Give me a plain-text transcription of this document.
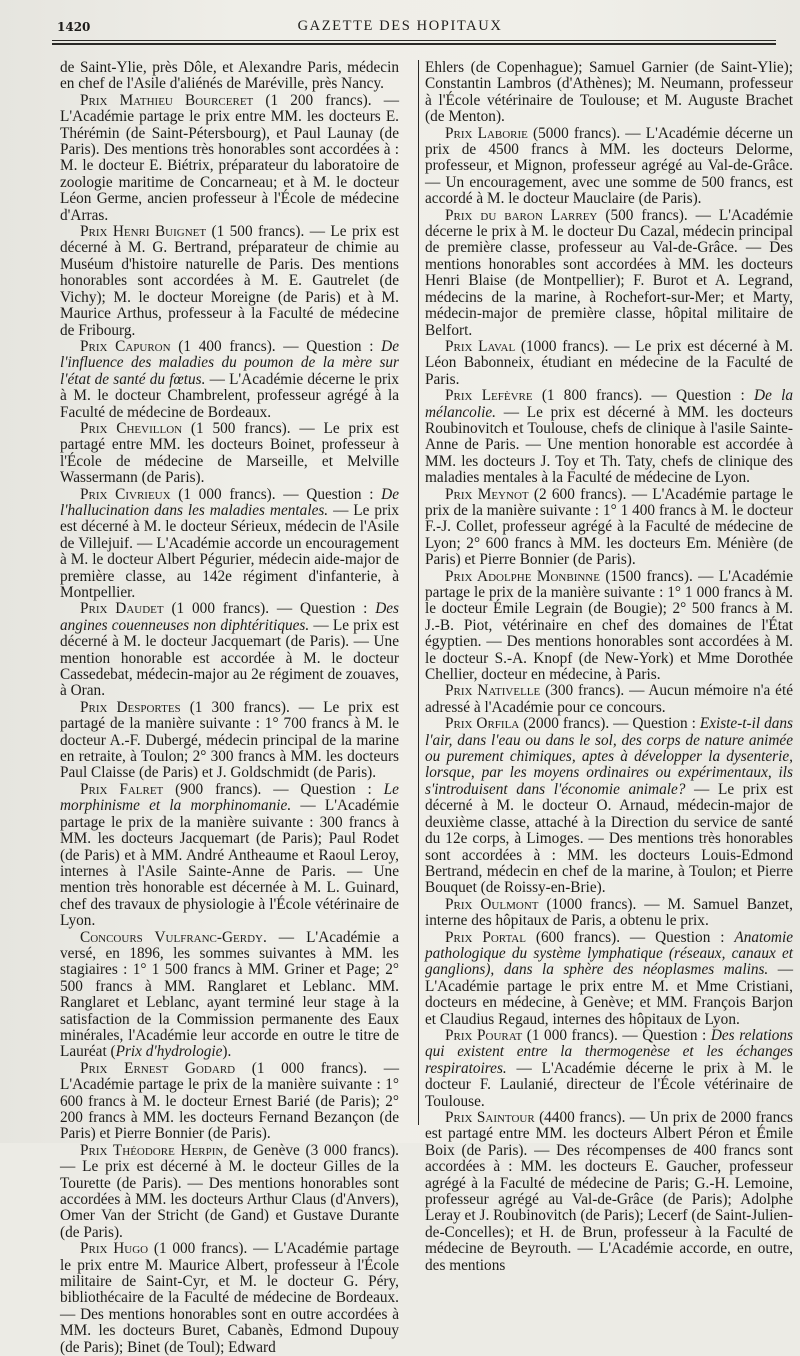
1420	GAZETTE DES HOPITAUX

de Saint-Ylie, près Dôle, et Alexandre Paris, médecin en chef de l'Asile d'aliénés de Maréville, près Nancy.

Prix Mathieu Bourceret (1 200 francs). — L'Académie partage le prix entre MM. les docteurs E. Thérémin (de Saint-Pétersbourg), et Paul Launay (de Paris). Des mentions très honorables sont accordées à : M. le docteur E. Biétrix, préparateur du laboratoire de zoologie maritime de Concarneau; et à M. le docteur Léon Germe, ancien professeur à l'École de médecine d'Arras.

Prix Henri Buignet (1 500 francs). — Le prix est décerné à M. G. Bertrand, préparateur de chimie au Muséum d'histoire naturelle de Paris. Des mentions honorables sont accordées à M. E. Gautrelet (de Vichy); M. le docteur Moreigne (de Paris) et à M. Maurice Arthus, professeur à la Faculté de médecine de Fribourg.

Prix Capuron (1 400 francs). — Question : De l'influence des maladies du poumon de la mère sur l'état de santé du fœtus. — L'Académie décerne le prix à M. le docteur Chambrelent, professeur agrégé à la Faculté de médecine de Bordeaux.

Prix Chevillon (1 500 francs). — Le prix est partagé entre MM. les docteurs Boinet, professeur à l'École de médecine de Marseille, et Melville Wassermann (de Paris).

Prix Civrieux (1 000 francs). — Question : De l'hallucination dans les maladies mentales. — Le prix est décerné à M. le docteur Sérieux, médecin de l'Asile de Villejuif. — L'Académie accorde un encouragement à M. le docteur Albert Pégurier, médecin aide-major de première classe, au 142e régiment d'infanterie, à Montpellier.

Prix Daudet (1 000 francs). — Question : Des angines couenneuses non diphtéritiques. — Le prix est décerné à M. le docteur Jacquemart (de Paris). — Une mention honorable est accordée à M. le docteur Cassedebat, médecin-major au 2e régiment de zouaves, à Oran.

Prix Desportes (1 300 francs). — Le prix est partagé de la manière suivante : 1° 700 francs à M. le docteur A.-F. Dubergé, médecin principal de la marine en retraite, à Toulon; 2° 300 francs à MM. les docteurs Paul Claisse (de Paris) et J. Goldschmidt (de Paris).

Prix Falret (900 francs). — Question : Le morphinisme et la morphinomanie. — L'Académie partage le prix de la manière suivante : 300 francs à MM. les docteurs Jacquemart (de Paris); Paul Rodet (de Paris) et à MM. André Antheaume et Raoul Leroy, internes à l'Asile Sainte-Anne de Paris. — Une mention très honorable est décernée à M. L. Guinard, chef des travaux de physiologie à l'École vétérinaire de Lyon.

Concours Vulfranc-Gerdy. — L'Académie a versé, en 1896, les sommes suivantes à MM. les stagiaires : 1° 1 500 francs à MM. Griner et Page; 2° 500 francs à MM. Ranglaret et Leblanc. MM. Ranglaret et Leblanc, ayant terminé leur stage à la satisfaction de la Commission permanente des Eaux minérales, l'Académie leur accorde en outre le titre de Lauréat (Prix d'hydrologie).

Prix Ernest Godard (1 000 francs). — L'Académie partage le prix de la manière suivante : 1° 600 francs à M. le docteur Ernest Barié (de Paris); 2° 200 francs à MM. les docteurs Fernand Bezançon (de Paris) et Pierre Bonnier (de Paris).

Prix Théodore Herpin, de Genève (3 000 francs). — Le prix est décerné à M. le docteur Gilles de la Tourette (de Paris). — Des mentions honorables sont accordées à MM. les docteurs Arthur Claus (d'Anvers), Omer Van der Stricht (de Gand) et Gustave Durante (de Paris).

Prix Hugo (1 000 francs). — L'Académie partage le prix entre M. Maurice Albert, professeur à l'École militaire de Saint-Cyr, et M. le docteur G. Péry, bibliothécaire de la Faculté de médecine de Bordeaux. — Des mentions honorables sont en outre accordées à MM. les docteurs Buret, Cabanès, Edmond Dupouy (de Paris); Binet (de Toul); Edward

Ehlers (de Copenhague); Samuel Garnier (de Saint-Ylie); Constantin Lambros (d'Athènes); M. Neumann, professeur à l'École vétérinaire de Toulouse; et M. Auguste Brachet (de Menton).

Prix Laborie (5000 francs). — L'Académie décerne un prix de 4500 francs à MM. les docteurs Delorme, professeur, et Mignon, professeur agrégé au Val-de-Grâce. — Un encouragement, avec une somme de 500 francs, est accordé à M. le docteur Mauclaire (de Paris).

Prix du baron Larrey (500 francs). — L'Académie décerne le prix à M. le docteur Du Cazal, médecin principal de première classe, professeur au Val-de-Grâce. — Des mentions honorables sont accordées à MM. les docteurs Henri Blaise (de Montpellier); F. Burot et A. Legrand, médecins de la marine, à Rochefort-sur-Mer; et Marty, médecin-major de première classe, hôpital militaire de Belfort.

Prix Laval (1000 francs). — Le prix est décerné à M. Léon Babonneix, étudiant en médecine de la Faculté de Paris.

Prix Lefèvre (1 800 francs). — Question : De la mélancolie. — Le prix est décerné à MM. les docteurs Roubinovitch et Toulouse, chefs de clinique à l'asile Sainte-Anne de Paris. — Une mention honorable est accordée à MM. les docteurs J. Toy et Th. Taty, chefs de clinique des maladies mentales à la Faculté de médecine de Lyon.

Prix Meynot (2 600 francs). — L'Académie partage le prix de la manière suivante : 1° 1 400 francs à M. le docteur F.-J. Collet, professeur agrégé à la Faculté de médecine de Lyon; 2° 600 francs à MM. les docteurs Em. Ménière (de Paris) et Pierre Bonnier (de Paris).

Prix Adolphe Monbinne (1500 francs). — L'Académie partage le prix de la manière suivante : 1° 1 000 francs à M. le docteur Émile Legrain (de Bougie); 2° 500 francs à M. J.-B. Piot, vétérinaire en chef des domaines de l'État égyptien. — Des mentions honorables sont accordées à M. le docteur S.-A. Knopf (de New-York) et Mme Dorothée Chellier, docteur en médecine, à Paris.

Prix Nativelle (300 francs). — Aucun mémoire n'a été adressé à l'Académie pour ce concours.

Prix Orfila (2000 francs). — Question : Existe-t-il dans l'air, dans l'eau ou dans le sol, des corps de nature animée ou purement chimiques, aptes à développer la dysenterie, lorsque, par les moyens ordinaires ou expérimentaux, ils s'introduisent dans l'économie animale? — Le prix est décerné à M. le docteur O. Arnaud, médecin-major de deuxième classe, attaché à la Direction du service de santé du 12e corps, à Limoges. — Des mentions très honorables sont accordées à : MM. les docteurs Louis-Edmond Bertrand, médecin en chef de la marine, à Toulon; et Pierre Bouquet (de Roissy-en-Brie).

Prix Oulmont (1000 francs). — M. Samuel Banzet, interne des hôpitaux de Paris, a obtenu le prix.

Prix Portal (600 francs). — Question : Anatomie pathologique du système lymphatique (réseaux, canaux et ganglions), dans la sphère des néoplasmes malins. — L'Académie partage le prix entre M. et Mme Cristiani, docteurs en médecine, à Genève; et MM. François Barjon et Claudius Regaud, internes des hôpitaux de Lyon.

Prix Pourat (1 000 francs). — Question : Des relations qui existent entre la thermogenèse et les échanges respiratoires. — L'Académie décerne le prix à M. le docteur F. Laulanié, directeur de l'École vétérinaire de Toulouse.

Prix Saintour (4400 francs). — Un prix de 2000 francs est partagé entre MM. les docteurs Albert Péron et Émile Boix (de Paris). — Des récompenses de 400 francs sont accordées à : MM. les docteurs E. Gaucher, professeur agrégé à la Faculté de médecine de Paris; G.-H. Lemoine, professeur agrégé au Val-de-Grâce (de Paris); Adolphe Leray et J. Roubinovitch (de Paris); Lecerf (de Saint-Julien-de-Concelles); et H. de Brun, professeur à la Faculté de médecine de Beyrouth. — L'Académie accorde, en outre, des mentions
